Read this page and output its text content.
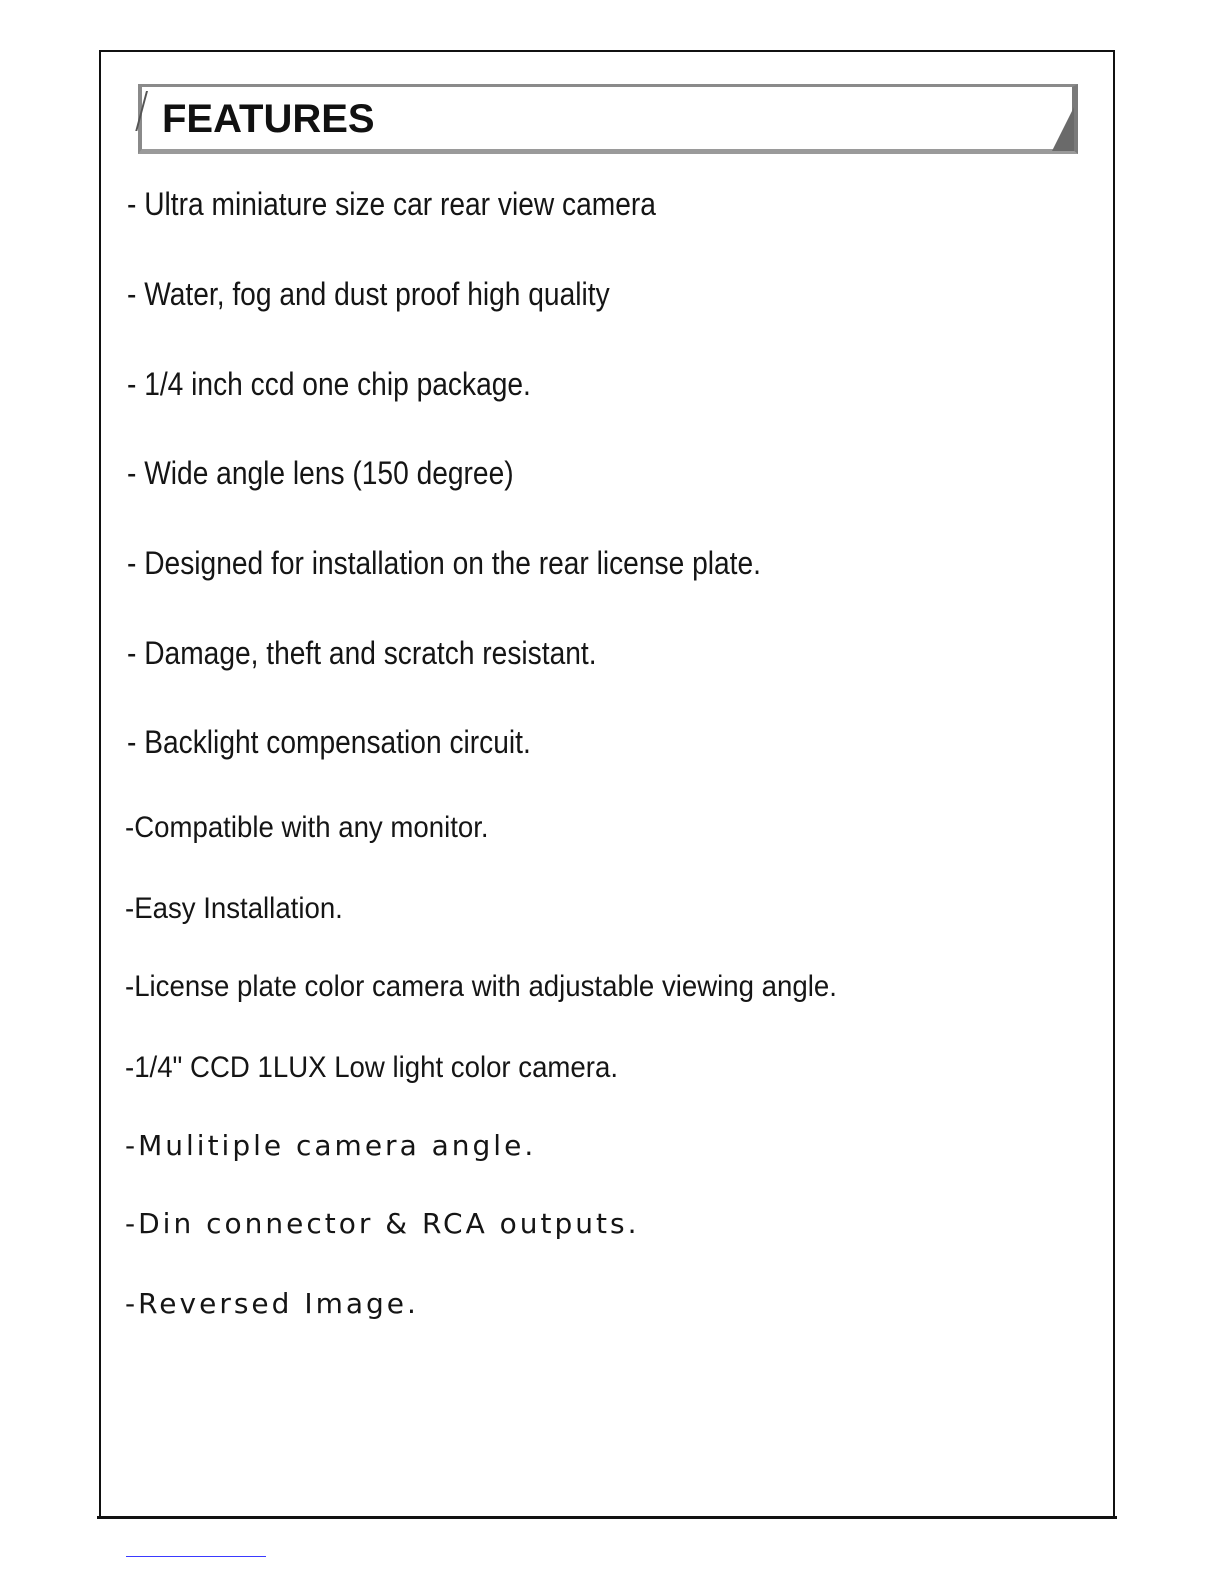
FEATURES
- Ultra miniature size car rear view camera
- Water, fog and dust proof high quality
- 1/4 inch ccd one chip package.
- Wide angle lens (150 degree)
- Designed for installation on the rear license plate.
- Damage, theft and scratch resistant.
- Backlight compensation circuit.
-Compatible with any monitor.
-Easy Installation.
-License plate color camera with adjustable viewing angle.
-1/4" CCD 1LUX Low light color camera.
-Mulitiple camera angle.
-Din connector & RCA outputs.
-Reversed Image.
